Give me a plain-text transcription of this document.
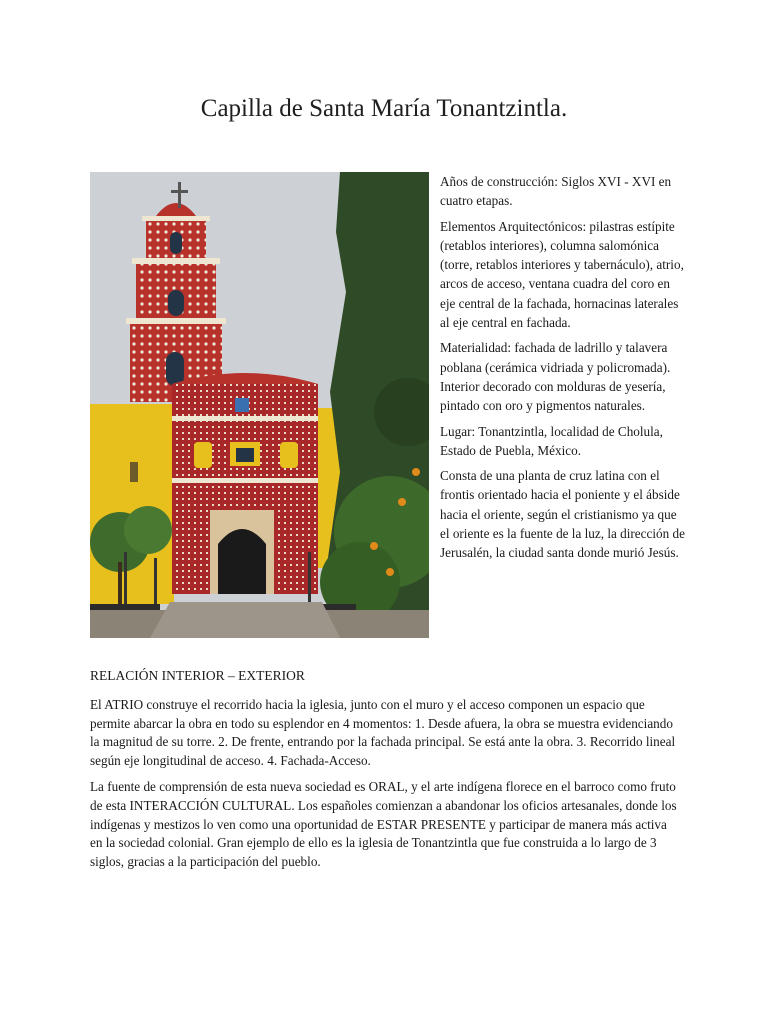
Capilla de Santa María Tonantzintla.

Años de construcción: Siglos XVI - XVI en cuatro etapas.

Elementos Arquitectónicos: pilastras estípite (retablos interiores), columna salomónica (torre, retablos interiores y tabernáculo), atrio, arcos de acceso, ventana cuadra del coro en eje central de la fachada, hornacinas laterales al eje central en fachada.

Materialidad: fachada de ladrillo y talavera poblana (cerámica vidriada y policromada). Interior decorado con molduras de yesería, pintado con oro y pigmentos naturales.

Lugar: Tonantzintla, localidad de Cholula, Estado de Puebla, México.

Consta de una planta de cruz latina con el frontis orientado hacia el poniente y el ábside hacia el oriente, según el cristianismo ya que el oriente es la fuente de la luz, la dirección de Jerusalén, la ciudad santa donde murió Jesús.

RELACIÓN INTERIOR – EXTERIOR

El ATRIO construye el recorrido hacia la iglesia, junto con el muro y el acceso componen un espacio que permite abarcar la obra en todo su esplendor en 4 momentos: 1. Desde afuera, la obra se muestra evidenciando la magnitud de su torre. 2. De frente, entrando por la fachada principal. Se está ante la obra. 3. Recorrido lineal según eje longitudinal de acceso. 4. Fachada-Acceso.

La fuente de comprensión de esta nueva sociedad es ORAL, y el arte indígena florece en el barroco como fruto de esta INTERACCIÓN CULTURAL. Los españoles comienzan a abandonar los oficios artesanales, donde los indígenas y mestizos lo ven como una oportunidad de ESTAR PRESENTE y participar de manera más activa en la sociedad colonial. Gran ejemplo de ello es la iglesia de Tonantzintla que fue construida a lo largo de 3 siglos, gracias a la participación del pueblo.
